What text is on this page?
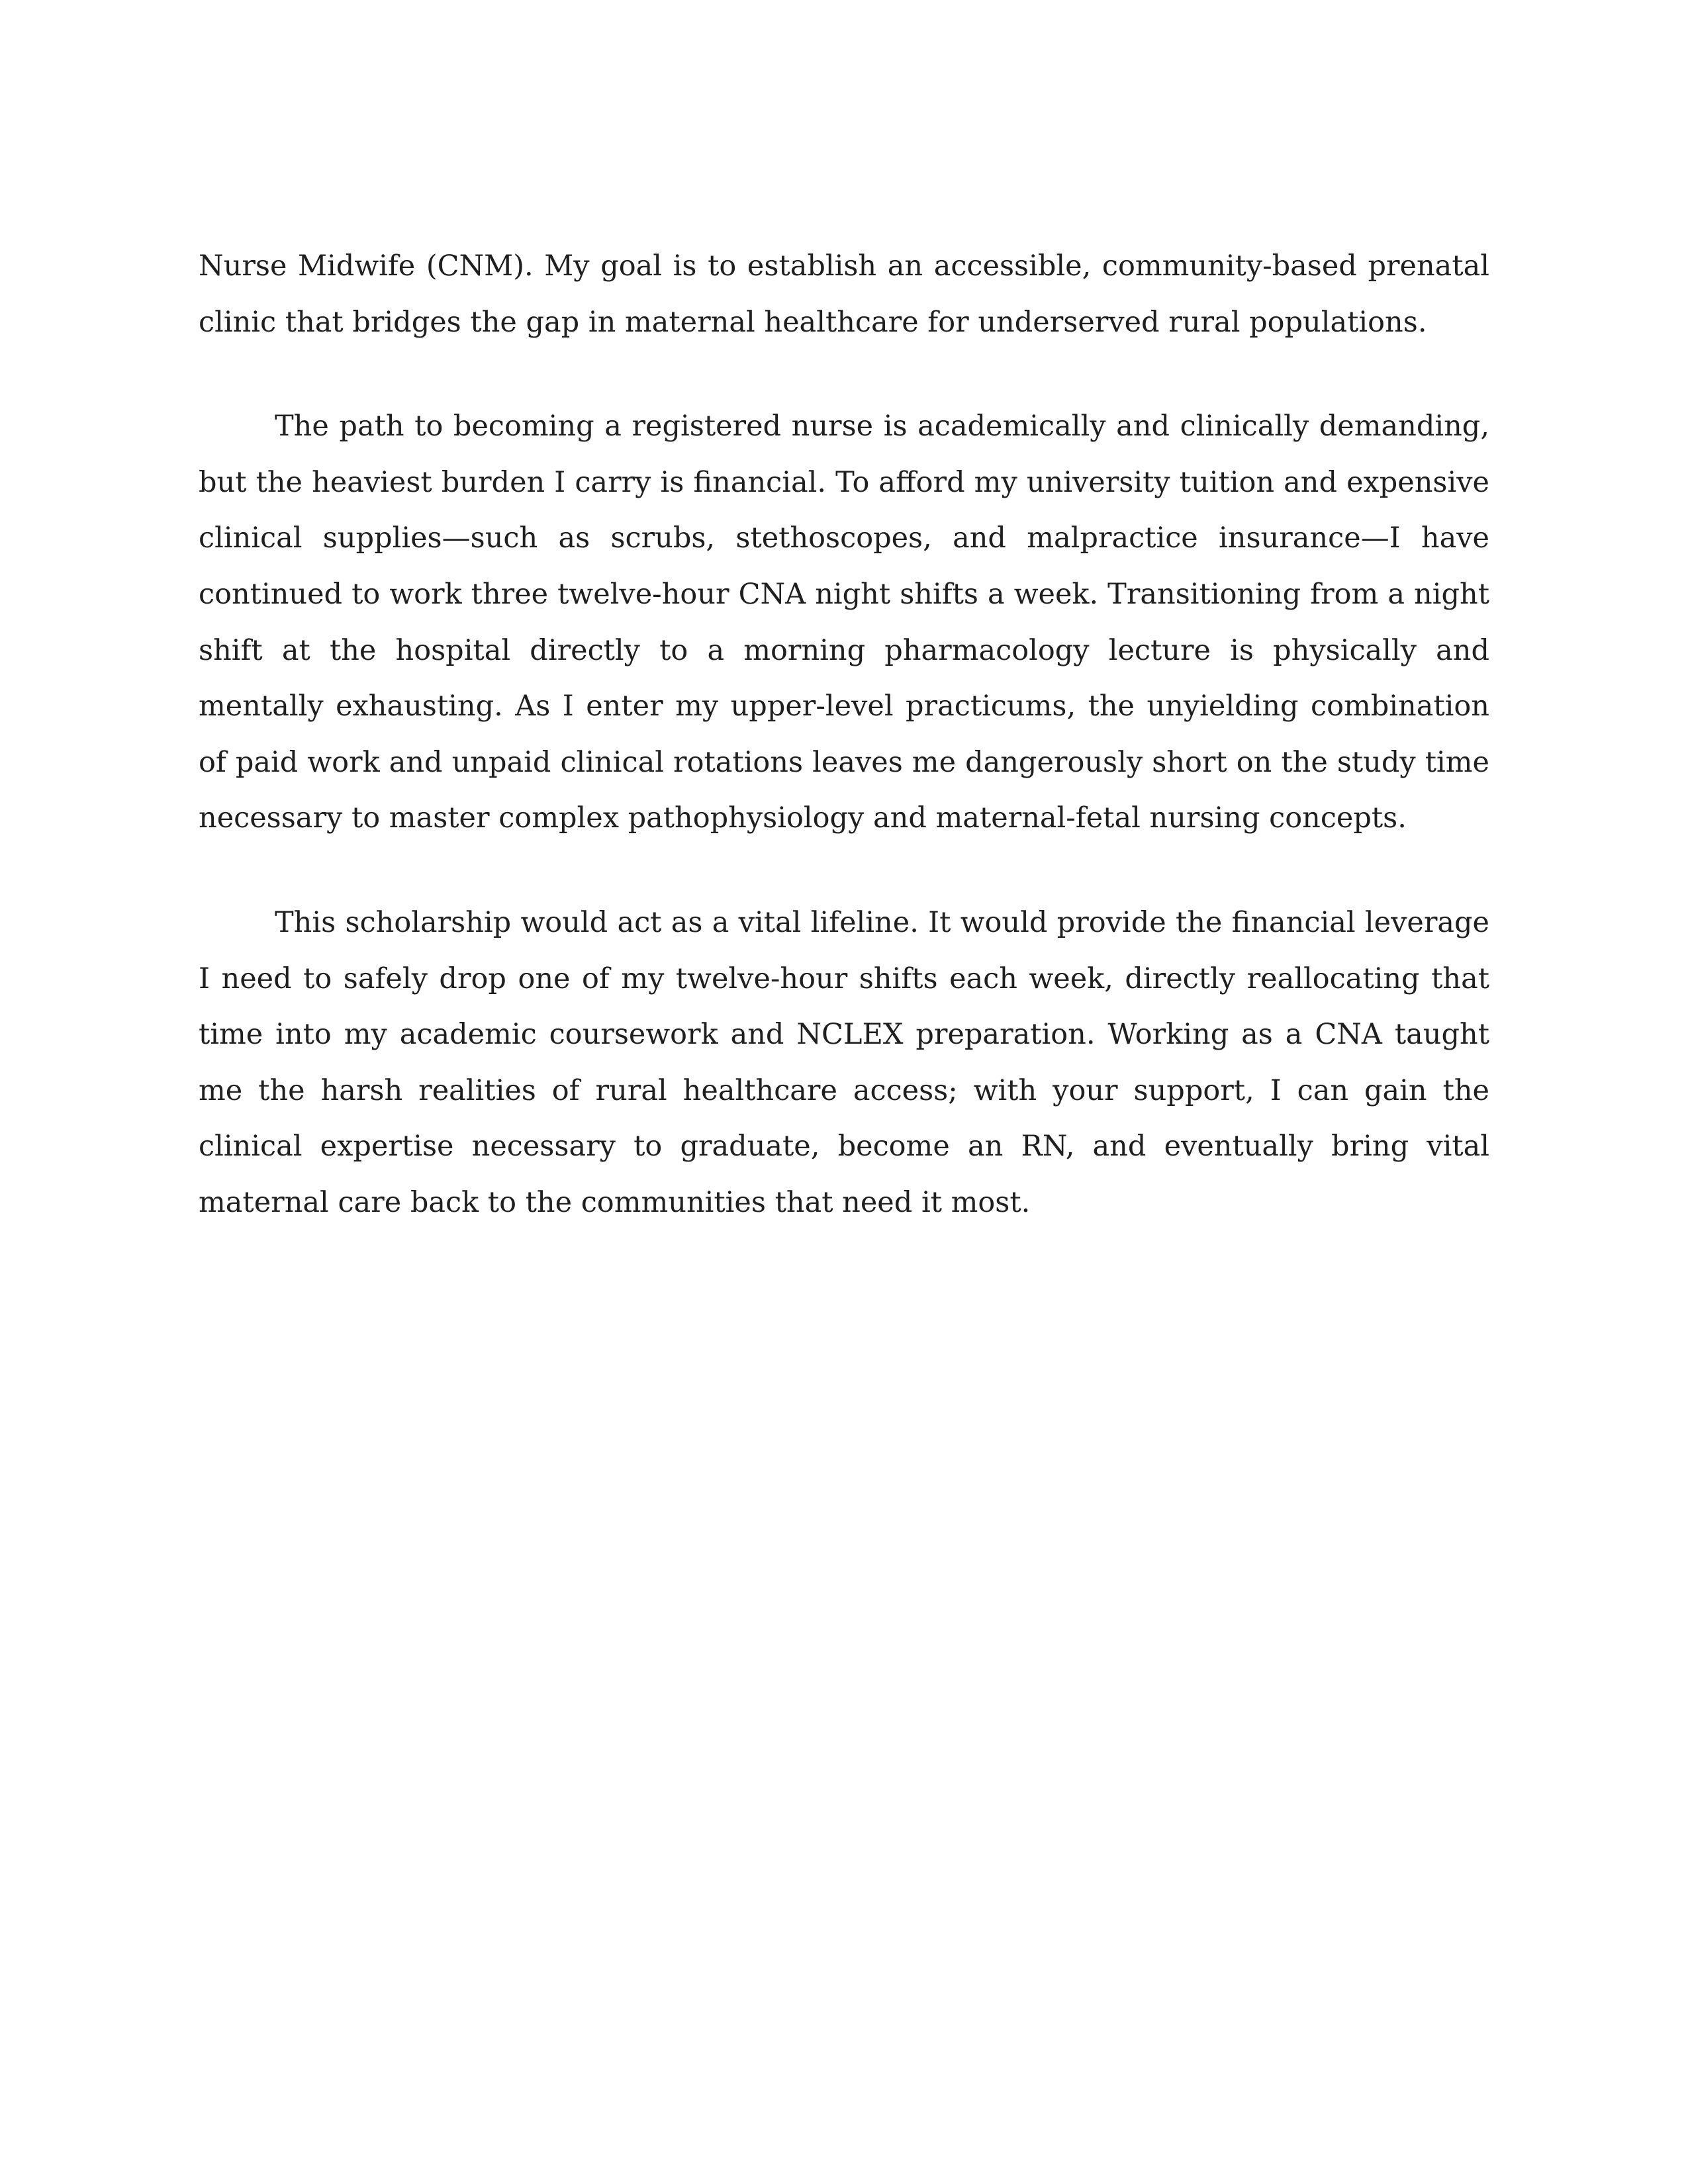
Nurse Midwife (CNM). My goal is to establish an accessible, community-based prenatal clinic that bridges the gap in maternal healthcare for underserved rural populations.

The path to becoming a registered nurse is academically and clinically demanding, but the heaviest burden I carry is financial. To afford my university tuition and expensive clinical supplies—such as scrubs, stethoscopes, and malpractice insurance—I have continued to work three twelve-hour CNA night shifts a week. Transitioning from a night shift at the hospital directly to a morning pharmacology lecture is physically and mentally exhausting. As I enter my upper-level practicums, the unyielding combination of paid work and unpaid clinical rotations leaves me dangerously short on the study time necessary to master complex pathophysiology and maternal-fetal nursing concepts.

This scholarship would act as a vital lifeline. It would provide the financial leverage I need to safely drop one of my twelve-hour shifts each week, directly reallocating that time into my academic coursework and NCLEX preparation. Working as a CNA taught me the harsh realities of rural healthcare access; with your support, I can gain the clinical expertise necessary to graduate, become an RN, and eventually bring vital maternal care back to the communities that need it most.
